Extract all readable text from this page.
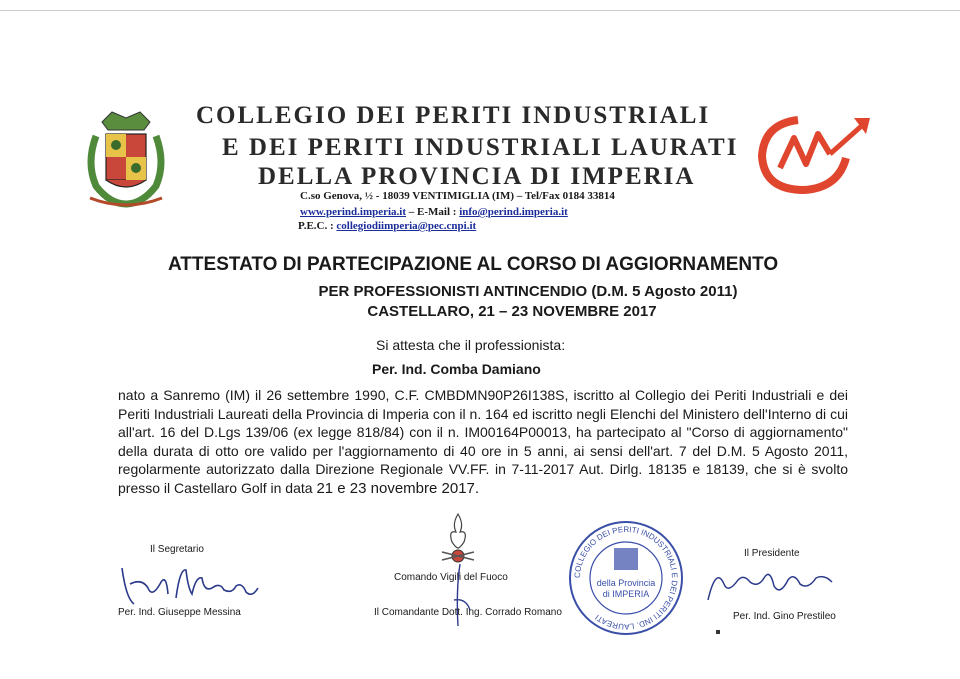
COLLEGIO DEI PERITI INDUSTRIALI
E DEI PERITI INDUSTRIALI LAURATI
DELLA PROVINCIA DI IMPERIA
C.so Genova, ½ - 18039 VENTIMIGLIA (IM) – Tel/Fax 0184 33814
www.perind.imperia.it – E-Mail : info@perind.imperia.it
P.E.C. : collegiodiimperia@pec.cnpi.it
ATTESTATO DI PARTECIPAZIONE AL CORSO DI AGGIORNAMENTO
PER PROFESSIONISTI ANTINCENDIO (D.M. 5 Agosto 2011)
CASTELLARO, 21 – 23 NOVEMBRE 2017
Si attesta che il professionista:
Per. Ind. Comba Damiano
nato a Sanremo (IM) il 26 settembre 1990, C.F. CMBDMN90P26I138S, iscritto al Collegio dei Periti Industriali e dei Periti Industriali Laureati della Provincia di Imperia con il n. 164 ed iscritto negli Elenchi del Ministero dell'Interno di cui all'art. 16 del D.Lgs 139/06 (ex legge 818/84) con il n. IM00164P00013, ha partecipato al "Corso di aggiornamento" della durata di otto ore valido per l'aggiornamento di 40 ore in 5 anni, ai sensi dell'art. 7 del D.M. 5 Agosto 2011, regolarmente autorizzato dalla Direzione Regionale VV.FF. in 7-11-2017 Aut. Dirlg. 18135 e 18139, che si è svolto presso il Castellaro Golf in data 21 e 23 novembre 2017.
Il Segretario
Per. Ind. Giuseppe Messina
Comando Vigili del Fuoco
Il Comandante Dott. Ing. Corrado Romano
della Provincia
di IMPERIA
COLLEGIO DEI PERITI INDUSTRIALI E DEI PERITI IND. LAUREATI
Il Presidente
Per. Ind. Gino Prestileo
